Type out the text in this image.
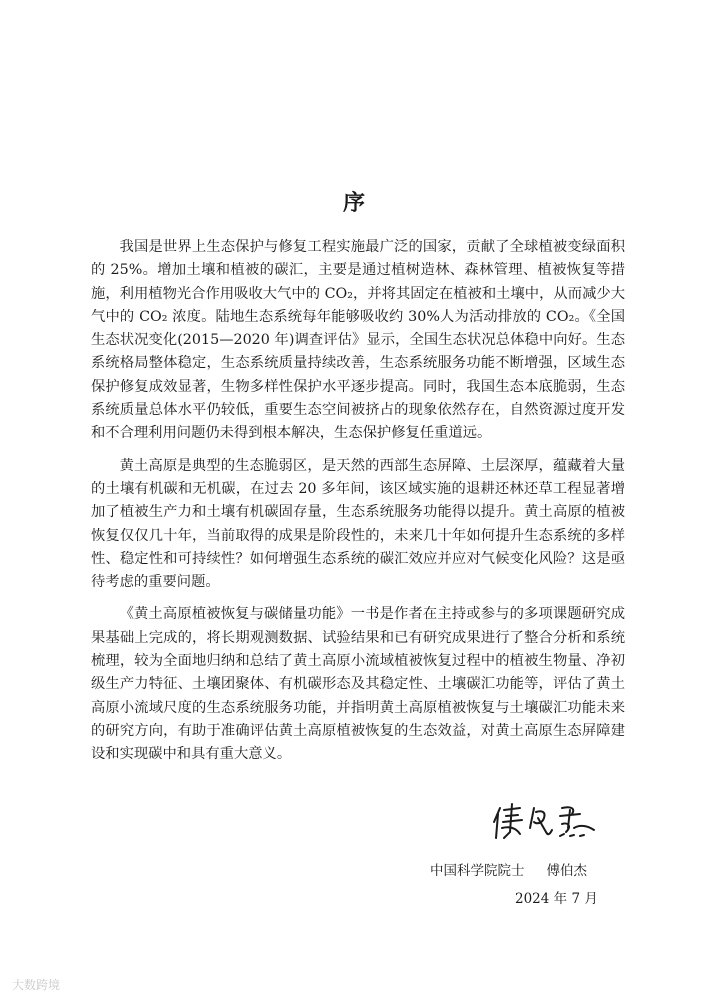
序

我国是世界上生态保护与修复工程实施最广泛的国家，贡献了全球植被变绿面积的 25%。增加土壤和植被的碳汇，主要是通过植树造林、森林管理、植被恢复等措施，利用植物光合作用吸收大气中的 CO₂，并将其固定在植被和土壤中，从而减少大气中的 CO₂ 浓度。陆地生态系统每年能够吸收约 30%人为活动排放的 CO₂。《全国生态状况变化(2015—2020 年)调查评估》显示，全国生态状况总体稳中向好。生态系统格局整体稳定，生态系统质量持续改善，生态系统服务功能不断增强，区域生态保护修复成效显著，生物多样性保护水平逐步提高。同时，我国生态本底脆弱，生态系统质量总体水平仍较低，重要生态空间被挤占的现象依然存在，自然资源过度开发和不合理利用问题仍未得到根本解决，生态保护修复任重道远。

黄土高原是典型的生态脆弱区，是天然的西部生态屏障、土层深厚，蕴藏着大量的土壤有机碳和无机碳，在过去 20 多年间，该区域实施的退耕还林还草工程显著增加了植被生产力和土壤有机碳固存量，生态系统服务功能得以提升。黄土高原的植被恢复仅仅几十年，当前取得的成果是阶段性的，未来几十年如何提升生态系统的多样性、稳定性和可持续性？如何增强生态系统的碳汇效应并应对气候变化风险？这是亟待考虑的重要问题。

《黄土高原植被恢复与碳储量功能》一书是作者在主持或参与的多项课题研究成果基础上完成的，将长期观测数据、试验结果和已有研究成果进行了整合分析和系统梳理，较为全面地归纳和总结了黄土高原小流域植被恢复过程中的植被生物量、净初级生产力特征、土壤团聚体、有机碳形态及其稳定性、土壤碳汇功能等，评估了黄土高原小流域尺度的生态系统服务功能，并指明黄土高原植被恢复与土壤碳汇功能未来的研究方向，有助于准确评估黄土高原植被恢复的生态效益，对黄土高原生态屏障建设和实现碳中和具有重大意义。

中国科学院院士 傅伯杰
2024 年 7 月
大数跨境
